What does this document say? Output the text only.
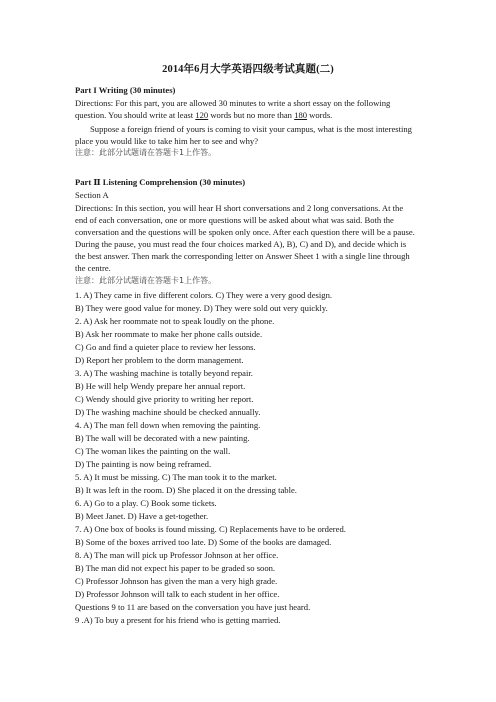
2014年6月大学英语四级考试真题(二)
Part I Writing (30 minutes)
Directions: For this part, you are allowed 30 minutes to write a short essay on the following
question. You should write at least 120 words but no more than 180 words.
Suppose a foreign friend of yours is coming to visit your campus, what is the most interesting
place you would like to take him her to see and why?
注意：此部分试题请在答题卡1上作答。
Part Ⅱ Listening Comprehension (30 minutes)
Section A
Directions: In this section, you will hear H short conversations and 2 long conversations. At the
end of each conversation, one or more questions will be asked about what was said. Both the
conversation and the questions will be spoken only once. After each question there will be a pause.
During the pause, you must read the four choices marked A), B), C) and D), and decide which is
the best answer. Then mark the corresponding letter on Answer Sheet 1 with a single line through
the centre.
注意：此部分试题请在答题卡1上作答。
1. A) They came in five different colors. C) They were a very good design.
B) They were good value for money. D) They were sold out very quickly.
2. A) Ask her roommate not to speak loudly on the phone.
B) Ask her roommate to make her phone calls outside.
C) Go and find a quieter place to review her lessons.
D) Report her problem to the dorm management.
3. A) The washing machine is totally beyond repair.
B) He will help Wendy prepare her annual report.
C) Wendy should give priority to writing her report.
D) The washing machine should be checked annually.
4. A) The man fell down when removing the painting.
B) The wall will be decorated with a new painting.
C) The woman likes the painting on the wall.
D) The painting is now being reframed.
5. A) It must be missing. C) The man took it to the market.
B) It was left in the room. D) She placed it on the dressing table.
6. A) Go to a play. C) Book some tickets.
B) Meet Janet. D) Have a get-together.
7. A) One box of books is found missing. C) Replacements have to be ordered.
B) Some of the boxes arrived too late. D) Some of the books are damaged.
8. A) The man will pick up Professor Johnson at her office.
B) The man did not expect his paper to be graded so soon.
C) Professor Johnson has given the man a very high grade.
D) Professor Johnson will talk to each student in her office.
Questions 9 to 11 are based on the conversation you have just heard.
9 .A) To buy a present for his friend who is getting married.
